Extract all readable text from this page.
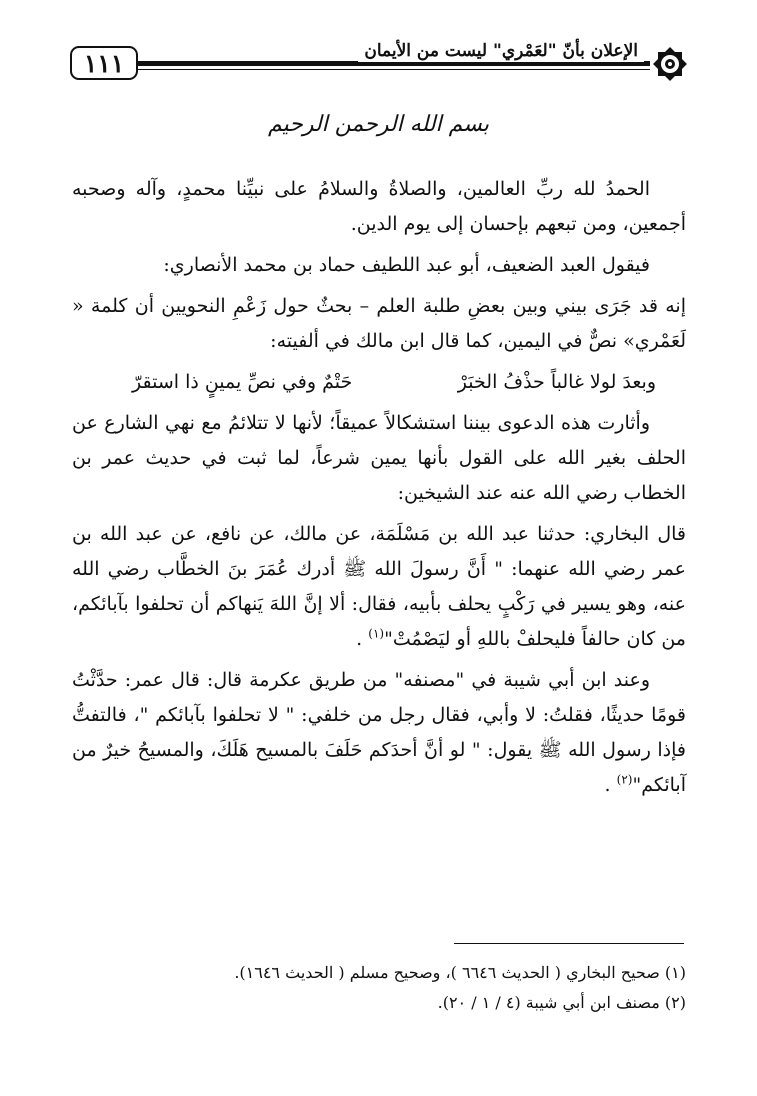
١١١	الإعلان بأنّ "لعَمْري" ليست من الأيمان
بسم الله الرحمن الرحيم

الحمدُ لله ربِّ العالمين، والصلاةُ والسلامُ على نبيِّنا محمدٍ، وآله وصحبه أجمعين، ومن تبعهم بإحسان إلى يوم الدين.

فيقول العبد الضعيف، أبو عبد اللطيف حماد بن محمد الأنصاري:

إنه قد جَرَى بيني وبين بعضِ طلبة العلم – بحثٌ حول زَعْمِ النحويين أن كلمة « لَعَمْري» نصٌّ في اليمين، كما قال ابن مالك في ألفيته:

وبعدَ لولا غالباً حذْفُ الخبَرْ
حَتْمٌ وفي نصِّ يمينٍ ذا استقرّ

وأثارت هذه الدعوى بيننا استشكالاً عميقاً؛ لأنها لا تتلائمُ مع نهي الشارع عن الحلف بغير الله على القول بأنها يمين شرعاً، لما ثبت في حديث عمر بن الخطاب رضي الله عنه عند الشيخين:

قال البخاري: حدثنا عبد الله بن مَسْلَمَة، عن مالك، عن نافع، عن عبد الله بن عمر رضي الله عنهما: " أَنَّ رسولَ الله ﷺ أدرك عُمَرَ بنَ الخطَّاب رضي الله عنه، وهو يسير في رَكْبٍ يحلف بأبيه، فقال: ألا إنَّ اللهَ يَنهاكم أن تحلفوا بآبائكم، من كان حالفاً فليحلفْ باللهِ أو ليَصْمُتْ"$^{(١)}$ .

وعند ابن أبي شيبة في "مصنفه" من طريق عكرمة قال: قال عمر: حدَّثْتُ قومًا حديثًا، فقلتُ: لا وأبي، فقال رجل من خلفي: " لا تحلفوا بآبائكم "، فالتفتُّ فإذا رسول الله ﷺ يقول: " لو أنَّ أحدَكم حَلَفَ بالمسيح هَلَكَ، والمسيحُ خيرٌ من آبائكم"$^{(٢)}$ .

(١) صحيح البخاري ( الحديث ٦٦٤٦ )، وصحيح مسلم ( الحديث ١٦٤٦).
(٢) مصنف ابن أبي شيبة (٤ / ١ / ٢٠).
